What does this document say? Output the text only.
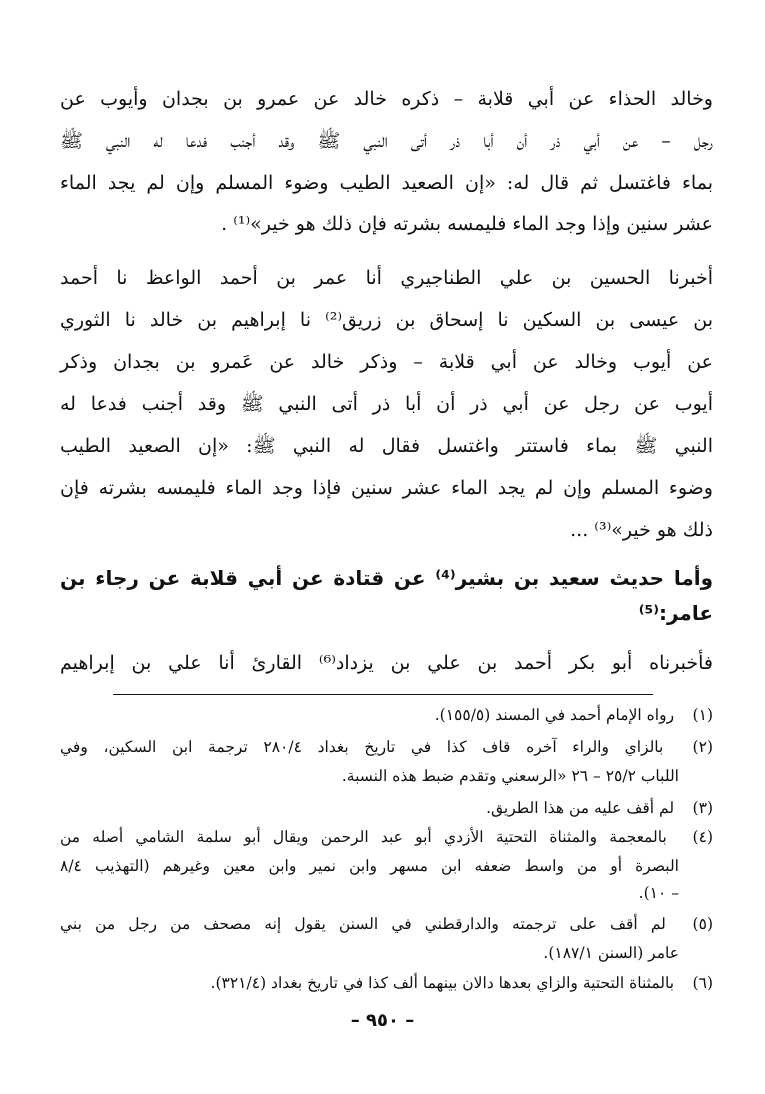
وخالد الحذاء عن أبي قلابة – ذكره خالد عن عمرو بن بجدان وأيوب عن
رجل – عن أبي ذر أن أبا ذر أتى النبي ﷺ وقد أجنب فدعا له النبي ﷺ
بماء فاغتسل ثم قال له: «إن الصعيد الطيب وضوء المسلم وإن لم يجد الماء
عشر سنين وإذا وجد الماء فليمسه بشرته فإن ذلك هو خير»⁽¹⁾ .
أخبرنا الحسين بن علي الطناجيري أنا عمر بن أحمد الواعظ نا أحمد
بن عيسى بن السكين نا إسحاق بن زريق⁽²⁾ نا إبراهيم بن خالد نا الثوري
عن أيوب وخالد عن أبي قلابة – وذكر خالد عن عَمرو بن بجدان وذكر
أيوب عن رجل عن أبي ذر أن أبا ذر أتى النبي ﷺ وقد أجنب فدعا له
النبي ﷺ بماء فاستتر واغتسل فقال له النبي ﷺ: «إن الصعيد الطيب
وضوء المسلم وإن لم يجد الماء عشر سنين فإذا وجد الماء فليمسه بشرته فإن
ذلك هو خير»⁽³⁾ ...
وأما حديث سعيد بن بشير⁽⁴⁾ عن قتادة عن أبي قلابة عن رجاء بن
عامر:⁽⁵⁾
فأخبرناه أبو بكر أحمد بن علي بن يزداد⁽⁶⁾ القارئ أنا علي بن إبراهيم
(١) رواه الإمام أحمد في المسند (١٥٥/٥).
(٢) بالزاي والراء آخره قاف كذا في تاريخ بغداد ٢٨٠/٤ ترجمة ابن السكين، وفي
اللباب ٢٥/٢ – ٢٦ «الرسعني وتقدم ضبط هذه النسبة.
(٣) لم أقف عليه من هذا الطريق.
(٤) بالمعجمة والمثناة التحتية الأزدي أبو عبد الرحمن ويقال أبو سلمة الشامي أصله من
البصرة أو من واسط ضعفه ابن مسهر وابن نمير وابن معين وغيرهم (التهذيب ٨/٤
– ١٠).
(٥) لم أقف على ترجمته والدارقطني في السنن يقول إنه مصحف من رجل من بني
عامر (السنن ١٨٧/١).
(٦) بالمثناة التحتية والزاي بعدها دالان بينهما ألف كذا في تاريخ بغداد (٣٢١/٤).
– ٩٥٠ –
